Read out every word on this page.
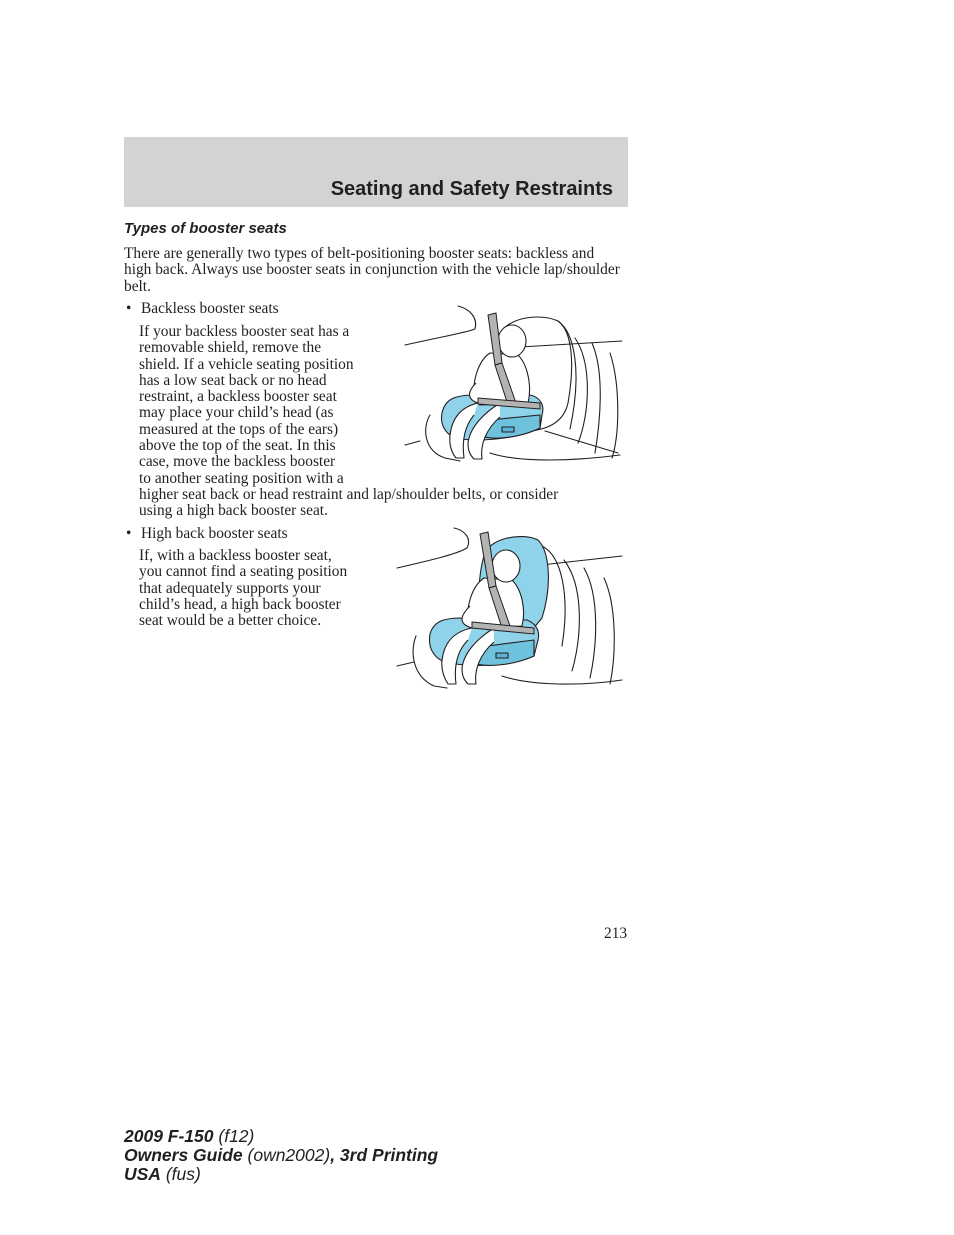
Seating and Safety Restraints
Types of booster seats

There are generally two types of belt-positioning booster seats: backless and high back. Always use booster seats in conjunction with the vehicle lap/shoulder belt.

• Backless booster seats
If your backless booster seat has a
removable shield, remove the
shield. If a vehicle seating position
has a low seat back or no head
restraint, a backless booster seat
may place your child’s head (as
measured at the tops of the ears)
above the top of the seat. In this
case, move the backless booster
to another seating position with a
higher seat back or head restraint and lap/shoulder belts, or consider
using a high back booster seat.
• High back booster seats
If, with a backless booster seat,
you cannot find a seating position
that adequately supports your
child’s head, a high back booster
seat would be a better choice.

213

2009 F-150 (f12)
Owners Guide (own2002), 3rd Printing
USA (fus)
